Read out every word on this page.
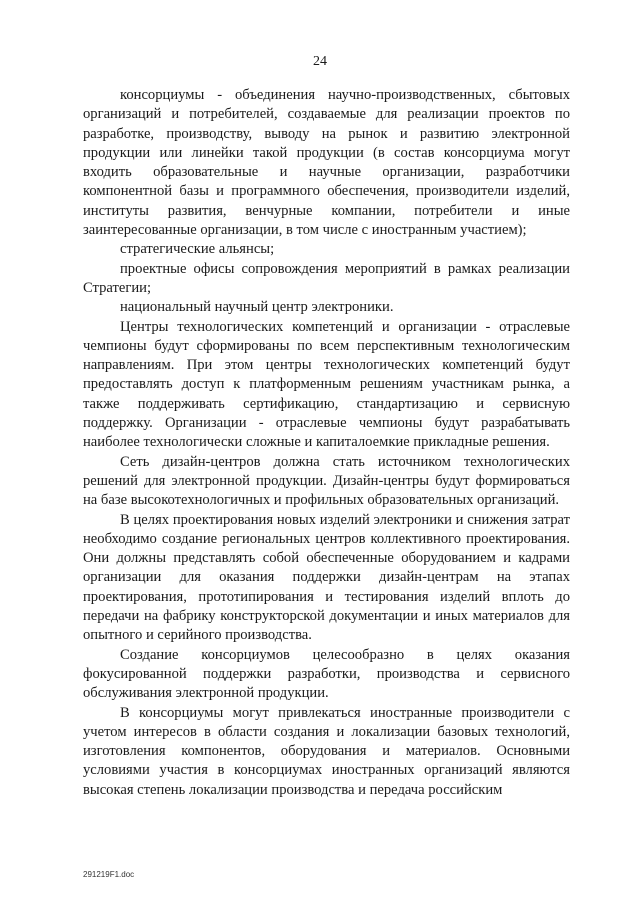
24

консорциумы - объединения научно-производственных, сбытовых организаций и потребителей, создаваемые для реализации проектов по разработке, производству, выводу на рынок и развитию электронной продукции или линейки такой продукции (в состав консорциума могут входить образовательные и научные организации, разработчики компонентной базы и программного обеспечения, производители изделий, институты развития, венчурные компании, потребители и иные заинтересованные организации, в том числе с иностранным участием);

стратегические альянсы;

проектные офисы сопровождения мероприятий в рамках реализации Стратегии;

национальный научный центр электроники.

Центры технологических компетенций и организации - отраслевые чемпионы будут сформированы по всем перспективным технологическим направлениям. При этом центры технологических компетенций будут предоставлять доступ к платформенным решениям участникам рынка, а также поддерживать сертификацию, стандартизацию и сервисную поддержку. Организации - отраслевые чемпионы будут разрабатывать наиболее технологически сложные и капиталоемкие прикладные решения.

Сеть дизайн-центров должна стать источником технологических решений для электронной продукции. Дизайн-центры будут формироваться на базе высокотехнологичных и профильных образовательных организаций.

В целях проектирования новых изделий электроники и снижения затрат необходимо создание региональных центров коллективного проектирования. Они должны представлять собой обеспеченные оборудованием и кадрами организации для оказания поддержки дизайн-центрам на этапах проектирования, прототипирования и тестирования изделий вплоть до передачи на фабрику конструкторской документации и иных материалов для опытного и серийного производства.

Создание консорциумов целесообразно в целях оказания фокусированной поддержки разработки, производства и сервисного обслуживания электронной продукции.

В консорциумы могут привлекаться иностранные производители с учетом интересов в области создания и локализации базовых технологий, изготовления компонентов, оборудования и материалов. Основными условиями участия в консорциумах иностранных организаций являются высокая степень локализации производства и передача российским

291219F1.doc
